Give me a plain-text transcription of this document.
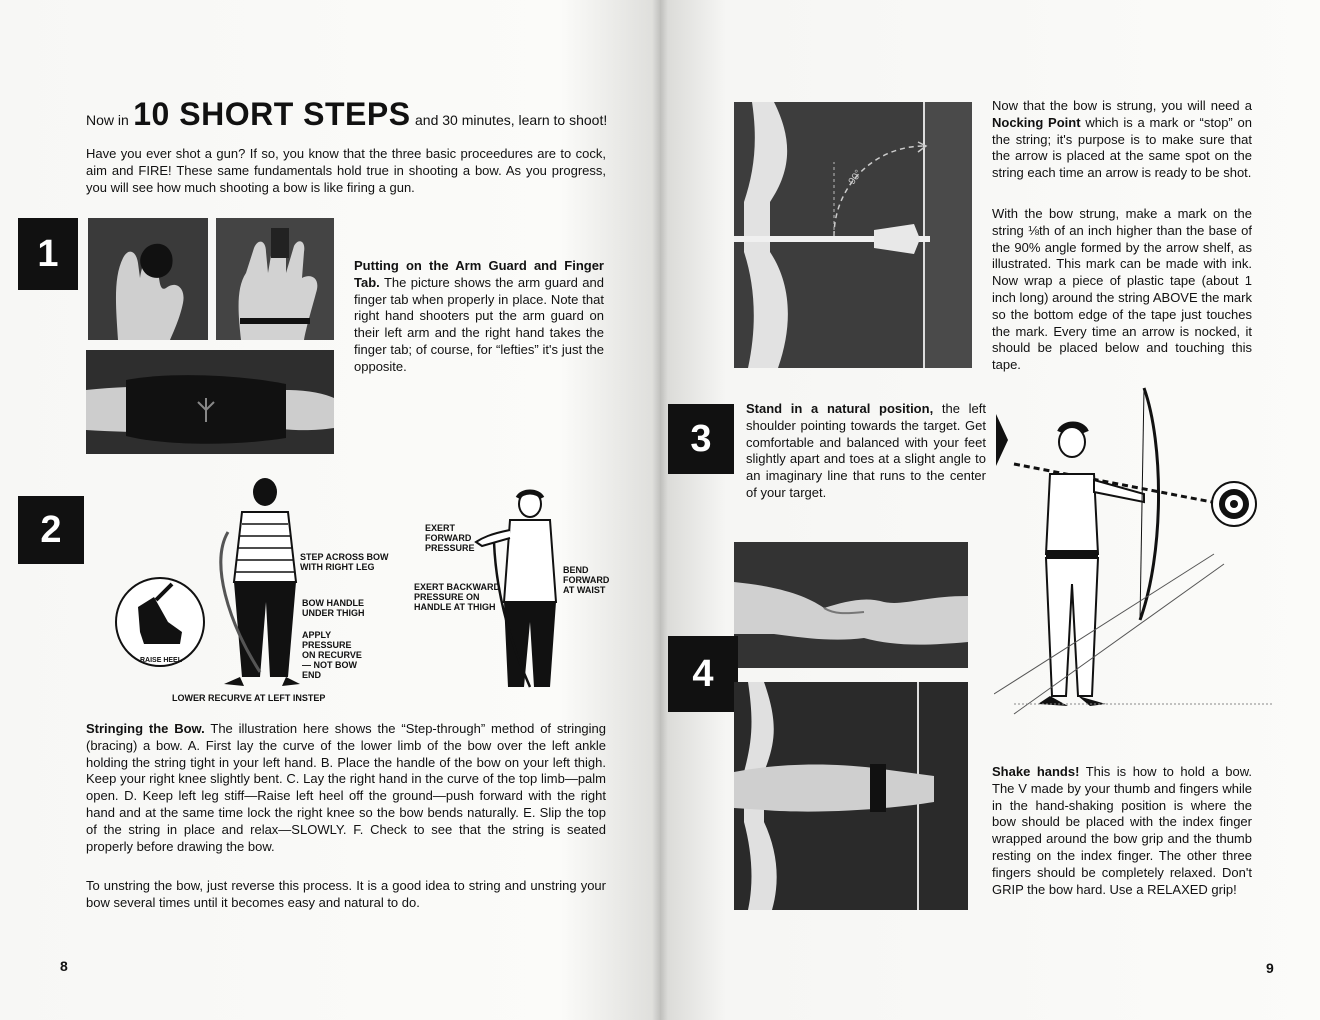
Now in 10 SHORT STEPS and 30 minutes, learn to shoot!
Have you ever shot a gun? If so, you know that the three basic proceedures are to cock, aim and FIRE! These same fundamentals hold true in shooting a bow. As you progress, you will see how much shooting a bow is like firing a gun.
1	Putting on the Arm Guard and Finger Tab. The picture shows the arm guard and finger tab when properly in place. Note that right hand shooters put the arm guard on their left arm and the right hand takes the finger tab; of course, for “lefties” it's just the opposite.
2
STEP ACROSS BOW WITH RIGHT LEG
BOW HANDLE UNDER THIGH
APPLY PRESSURE ON RECURVE — NOT BOW END
RAISE HEEL
LOWER RECURVE AT LEFT INSTEP
EXERT FORWARD PRESSURE
EXERT BACKWARD PRESSURE ON HANDLE AT THIGH
BEND FORWARD AT WAIST
Stringing the Bow. The illustration here shows the “Step-through” method of stringing (bracing) a bow. A. First lay the curve of the lower limb of the bow over the left ankle holding the string tight in your left hand. B. Place the handle of the bow on your left thigh. Keep your right knee slightly bent. C. Lay the right hand in the curve of the top limb—palm open. D. Keep left leg stiff—Raise left heel off the ground—push forward with the right hand and at the same time lock the right knee so the bow bends naturally. E. Slip the top of the string in place and relax—SLOWLY. F. Check to see that the string is seated properly before drawing the bow.
To unstring the bow, just reverse this process. It is a good idea to string and unstring your bow several times until it becomes easy and natural to do.
8
90°
Now that the bow is strung, you will need a Nocking Point which is a mark or “stop” on the string; it's purpose is to make sure that the arrow is placed at the same spot on the string each time an arrow is ready to be shot.
With the bow strung, make a mark on the string ⅛th of an inch higher than the base of the 90% angle formed by the arrow shelf, as illustrated. This mark can be made with ink. Now wrap a piece of plastic tape (about 1 inch long) around the string ABOVE the mark so the bottom edge of the tape just touches the mark. Every time an arrow is nocked, it should be placed below and touching this tape.
3
Stand in a natural position, the left shoulder pointing towards the target. Get comfortable and balanced with your feet slightly apart and toes at a slight angle to an imaginary line that runs to the center of your target.
4
Shake hands! This is how to hold a bow. The V made by your thumb and fingers while in the hand-shaking position is where the bow should be placed with the index finger wrapped around the bow grip and the thumb resting on the index finger. The other three fingers should be completely relaxed. Don't GRIP the bow hard. Use a RELAXED grip!
9
